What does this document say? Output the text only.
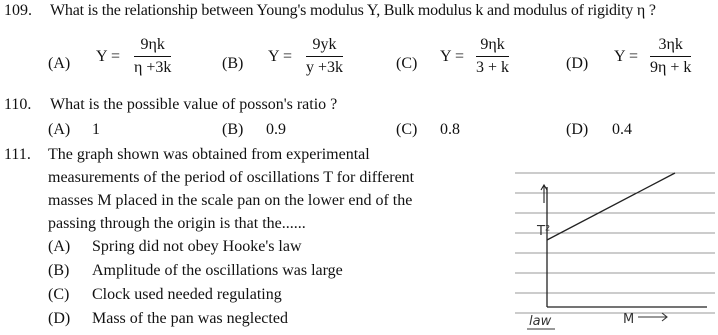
109. What is the relationship between Young's modulus Y, Bulk modulus k and modulus of rigidity η ?
(A) $Y = \frac{9\eta k}{\eta +3k}$	(B) $Y = \frac{9yk}{y +3k}$	(C) $Y = \frac{9\eta k}{3 + k}$	(D) $Y = \frac{3\eta k}{9\eta + k}$
110. What is the possible value of posson's ratio ?
(A) 1	(B) 0.9	(C) 0.8	(D) 0.4
111. The graph shown was obtained from experimental
measurements of the period of oscillations T for different
masses M placed in the scale pan on the lower end of the
passing through the origin is that the......
(A) Spring did not obey Hooke's law
(B) Amplitude of the oscillations was large
(C) Clock used needed regulating
(D) Mass of the pan was neglected
T²
M
law
